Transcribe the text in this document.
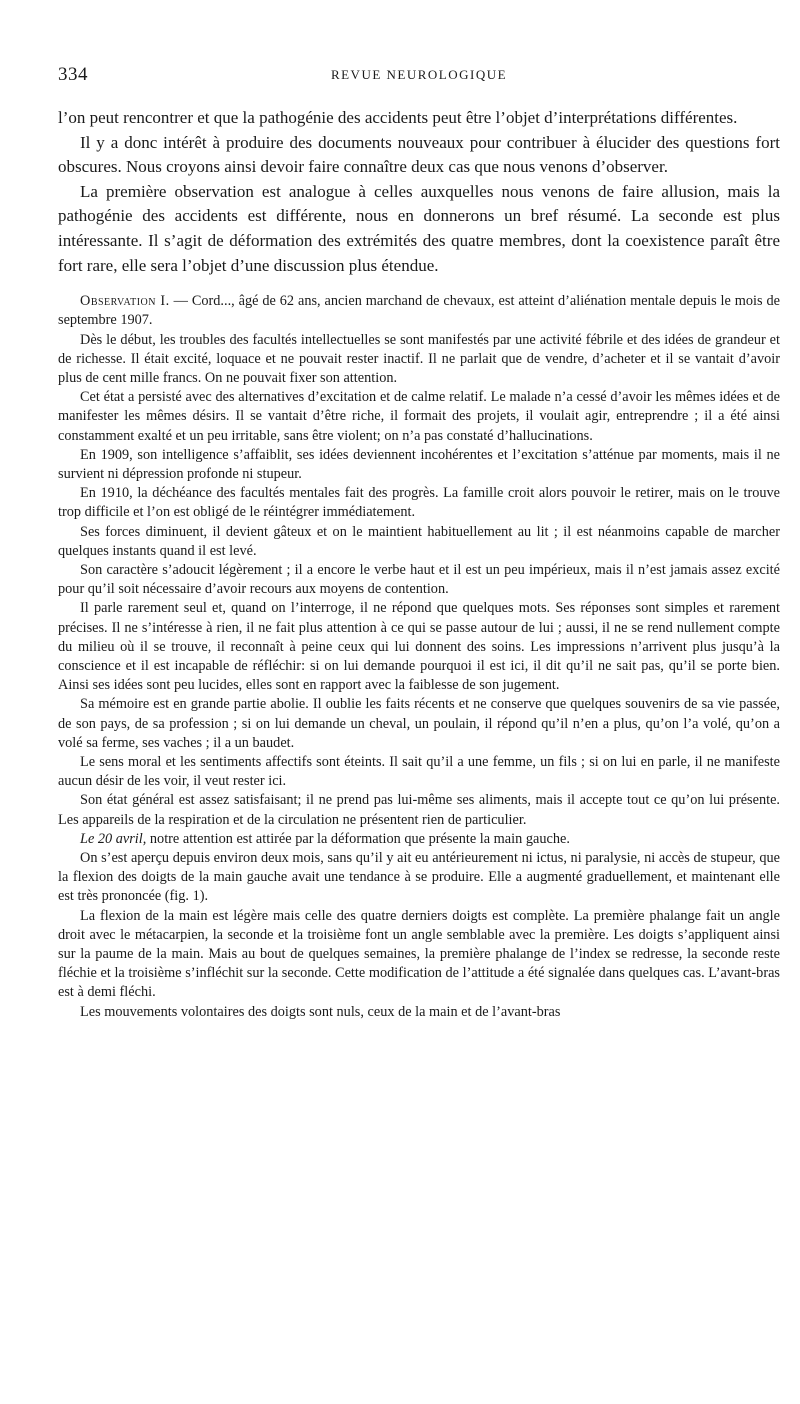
334	REVUE NEUROLOGIQUE

l’on peut rencontrer et que la pathogénie des accidents peut être l’objet d’interprétations différentes.

Il y a donc intérêt à produire des documents nouveaux pour contribuer à élucider des questions fort obscures. Nous croyons ainsi devoir faire connaître deux cas que nous venons d’observer.

La première observation est analogue à celles auxquelles nous venons de faire allusion, mais la pathogénie des accidents est différente, nous en donnerons un bref résumé. La seconde est plus intéressante. Il s’agit de déformation des extrémités des quatre membres, dont la coexistence paraît être fort rare, elle sera l’objet d’une discussion plus étendue.

Observation I. — Cord..., âgé de 62 ans, ancien marchand de chevaux, est atteint d’aliénation mentale depuis le mois de septembre 1907.

Dès le début, les troubles des facultés intellectuelles se sont manifestés par une activité fébrile et des idées de grandeur et de richesse. Il était excité, loquace et ne pouvait rester inactif. Il ne parlait que de vendre, d’acheter et il se vantait d’avoir plus de cent mille francs. On ne pouvait fixer son attention.

Cet état a persisté avec des alternatives d’excitation et de calme relatif. Le malade n’a cessé d’avoir les mêmes idées et de manifester les mêmes désirs. Il se vantait d’être riche, il formait des projets, il voulait agir, entreprendre ; il a été ainsi constamment exalté et un peu irritable, sans être violent; on n’a pas constaté d’hallucinations.

En 1909, son intelligence s’affaiblit, ses idées deviennent incohérentes et l’excitation s’atténue par moments, mais il ne survient ni dépression profonde ni stupeur.

En 1910, la déchéance des facultés mentales fait des progrès. La famille croit alors pouvoir le retirer, mais on le trouve trop difficile et l’on est obligé de le réintégrer immédiatement.

Ses forces diminuent, il devient gâteux et on le maintient habituellement au lit ; il est néanmoins capable de marcher quelques instants quand il est levé.

Son caractère s’adoucit légèrement ; il a encore le verbe haut et il est un peu impérieux, mais il n’est jamais assez excité pour qu’il soit nécessaire d’avoir recours aux moyens de contention.

Il parle rarement seul et, quand on l’interroge, il ne répond que quelques mots. Ses réponses sont simples et rarement précises. Il ne s’intéresse à rien, il ne fait plus attention à ce qui se passe autour de lui ; aussi, il ne se rend nullement compte du milieu où il se trouve, il reconnaît à peine ceux qui lui donnent des soins. Les impressions n’arrivent plus jusqu’à la conscience et il est incapable de réfléchir: si on lui demande pourquoi il est ici, il dit qu’il ne sait pas, qu’il se porte bien. Ainsi ses idées sont peu lucides, elles sont en rapport avec la faiblesse de son jugement.

Sa mémoire est en grande partie abolie. Il oublie les faits récents et ne conserve que quelques souvenirs de sa vie passée, de son pays, de sa profession ; si on lui demande un cheval, un poulain, il répond qu’il n’en a plus, qu’on l’a volé, qu’on a volé sa ferme, ses vaches ; il a un baudet.

Le sens moral et les sentiments affectifs sont éteints. Il sait qu’il a une femme, un fils ; si on lui en parle, il ne manifeste aucun désir de les voir, il veut rester ici.

Son état général est assez satisfaisant; il ne prend pas lui-même ses aliments, mais il accepte tout ce qu’on lui présente. Les appareils de la respiration et de la circulation ne présentent rien de particulier.

Le 20 avril, notre attention est attirée par la déformation que présente la main gauche.

On s’est aperçu depuis environ deux mois, sans qu’il y ait eu antérieurement ni ictus, ni paralysie, ni accès de stupeur, que la flexion des doigts de la main gauche avait une tendance à se produire. Elle a augmenté graduellement, et maintenant elle est très prononcée (fig. 1).

La flexion de la main est légère mais celle des quatre derniers doigts est complète. La première phalange fait un angle droit avec le métacarpien, la seconde et la troisième font un angle semblable avec la première. Les doigts s’appliquent ainsi sur la paume de la main. Mais au bout de quelques semaines, la première phalange de l’index se redresse, la seconde reste fléchie et la troisième s’infléchit sur la seconde. Cette modification de l’attitude a été signalée dans quelques cas. L’avant-bras est à demi fléchi.

Les mouvements volontaires des doigts sont nuls, ceux de la main et de l’avant-bras
